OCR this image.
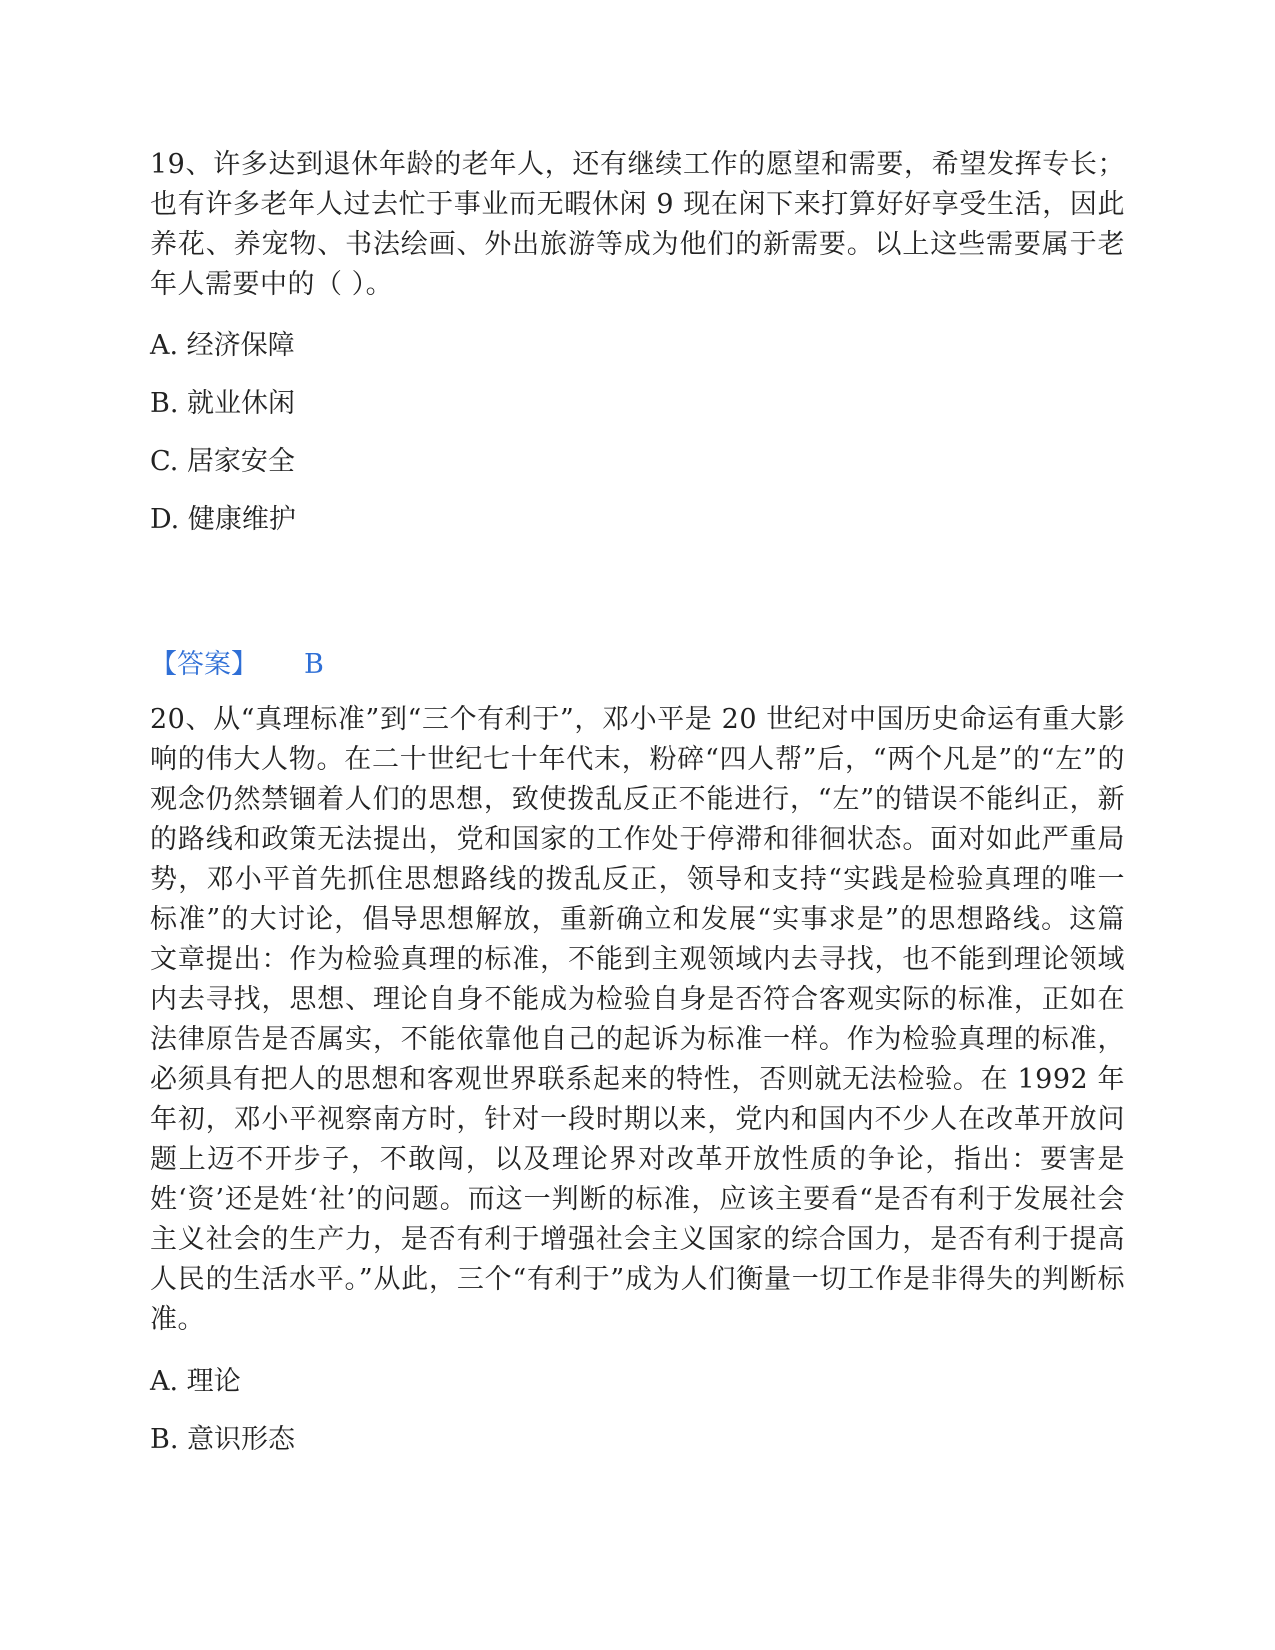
19、许多达到退休年龄的老年人，还有继续工作的愿望和需要，希望发挥专长；也有许多老年人过去忙于事业而无暇休闲 9 现在闲下来打算好好享受生活，因此养花、养宠物、书法绘画、外出旅游等成为他们的新需要。以上这些需要属于老年人需要中的（ ）。

A. 经济保障

B. 就业休闲

C. 居家安全

D. 健康维护

【答案】 B

20、从“真理标准”到“三个有利于”，邓小平是 20 世纪对中国历史命运有重大影响的伟大人物。在二十世纪七十年代末，粉碎“四人帮”后，“两个凡是”的“左”的观念仍然禁锢着人们的思想，致使拨乱反正不能进行，“左”的错误不能纠正，新的路线和政策无法提出，党和国家的工作处于停滞和徘徊状态。面对如此严重局势，邓小平首先抓住思想路线的拨乱反正，领导和支持“实践是检验真理的唯一标准”的大讨论，倡导思想解放，重新确立和发展“实事求是”的思想路线。这篇文章提出：作为检验真理的标准，不能到主观领域内去寻找，也不能到理论领域内去寻找，思想、理论自身不能成为检验自身是否符合客观实际的标准，正如在法律原告是否属实，不能依靠他自己的起诉为标准一样。作为检验真理的标准，必须具有把人的思想和客观世界联系起来的特性，否则就无法检验。在 1992 年年初，邓小平视察南方时，针对一段时期以来，党内和国内不少人在改革开放问题上迈不开步子，不敢闯，以及理论界对改革开放性质的争论，指出：要害是姓‘资’还是姓‘社’的问题。而这一判断的标准，应该主要看“是否有利于发展社会主义社会的生产力，是否有利于增强社会主义国家的综合国力，是否有利于提高人民的生活水平。”从此，三个“有利于”成为人们衡量一切工作是非得失的判断标准。

A. 理论

B. 意识形态
